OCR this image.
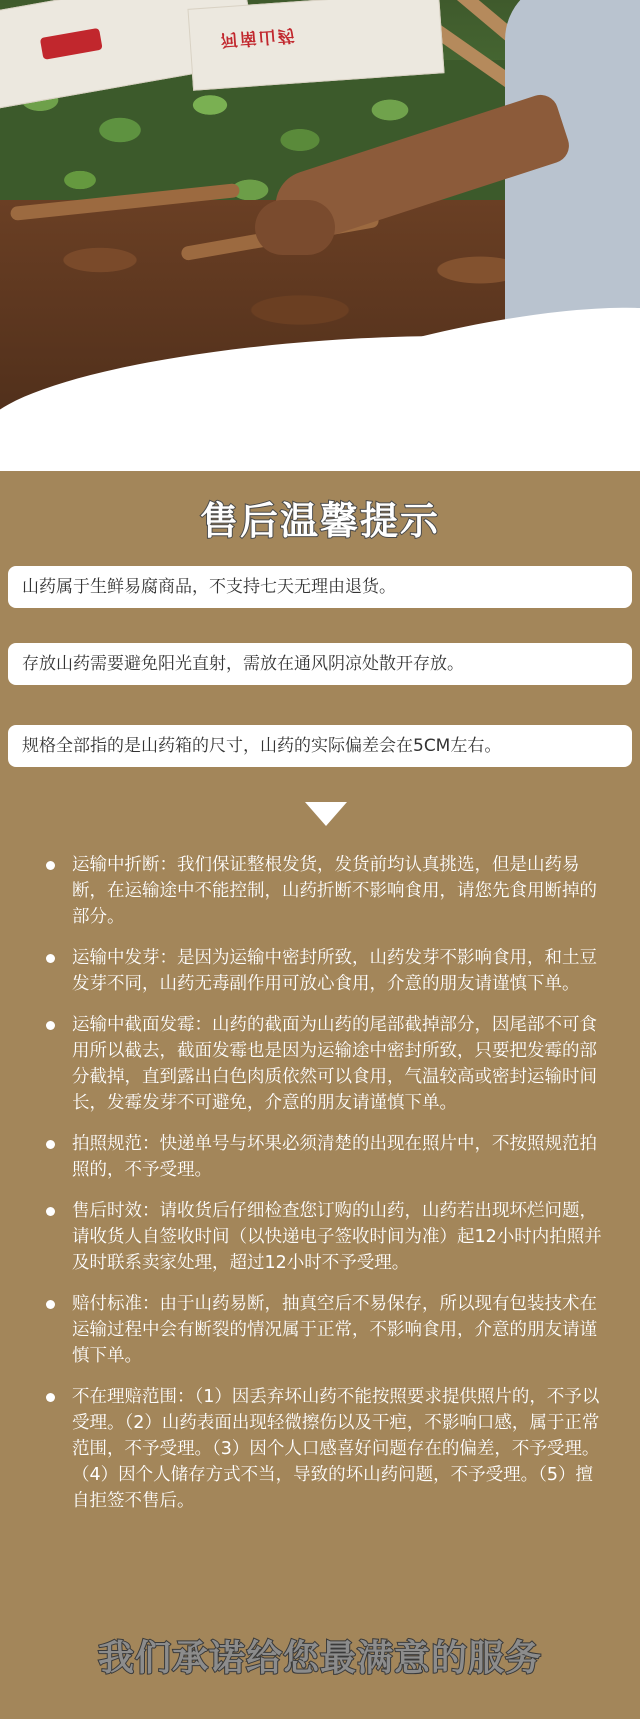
河南山药
售后温馨提示
山药属于生鲜易腐商品，不支持七天无理由退货。
存放山药需要避免阳光直射，需放在通风阴凉处散开存放。
规格全部指的是山药箱的尺寸，山药的实际偏差会在5CM左右。
运输中折断：我们保证整根发货，发货前均认真挑选，但是山药易断，在运输途中不能控制，山药折断不影响食用，请您先食用断掉的部分。
运输中发芽：是因为运输中密封所致，山药发芽不影响食用，和土豆发芽不同，山药无毒副作用可放心食用，介意的朋友请谨慎下单。
运输中截面发霉：山药的截面为山药的尾部截掉部分，因尾部不可食用所以截去，截面发霉也是因为运输途中密封所致，只要把发霉的部分截掉，直到露出白色肉质依然可以食用，气温较高或密封运输时间长，发霉发芽不可避免，介意的朋友请谨慎下单。
拍照规范：快递单号与坏果必须清楚的出现在照片中，不按照规范拍照的，不予受理。
售后时效：请收货后仔细检查您订购的山药，山药若出现坏烂问题，请收货人自签收时间（以快递电子签收时间为准）起12小时内拍照并及时联系卖家处理，超过12小时不予受理。
赔付标准：由于山药易断，抽真空后不易保存，所以现有包装技术在运输过程中会有断裂的情况属于正常，不影响食用，介意的朋友请谨慎下单。
不在理赔范围：（1）因丢弃坏山药不能按照要求提供照片的，不予以受理。（2）山药表面出现轻微擦伤以及干疤，不影响口感，属于正常范围，不予受理。（3）因个人口感喜好问题存在的偏差，不予受理。（4）因个人储存方式不当，导致的坏山药问题，不予受理。（5）擅自拒签不售后。
我们承诺给您最满意的服务
